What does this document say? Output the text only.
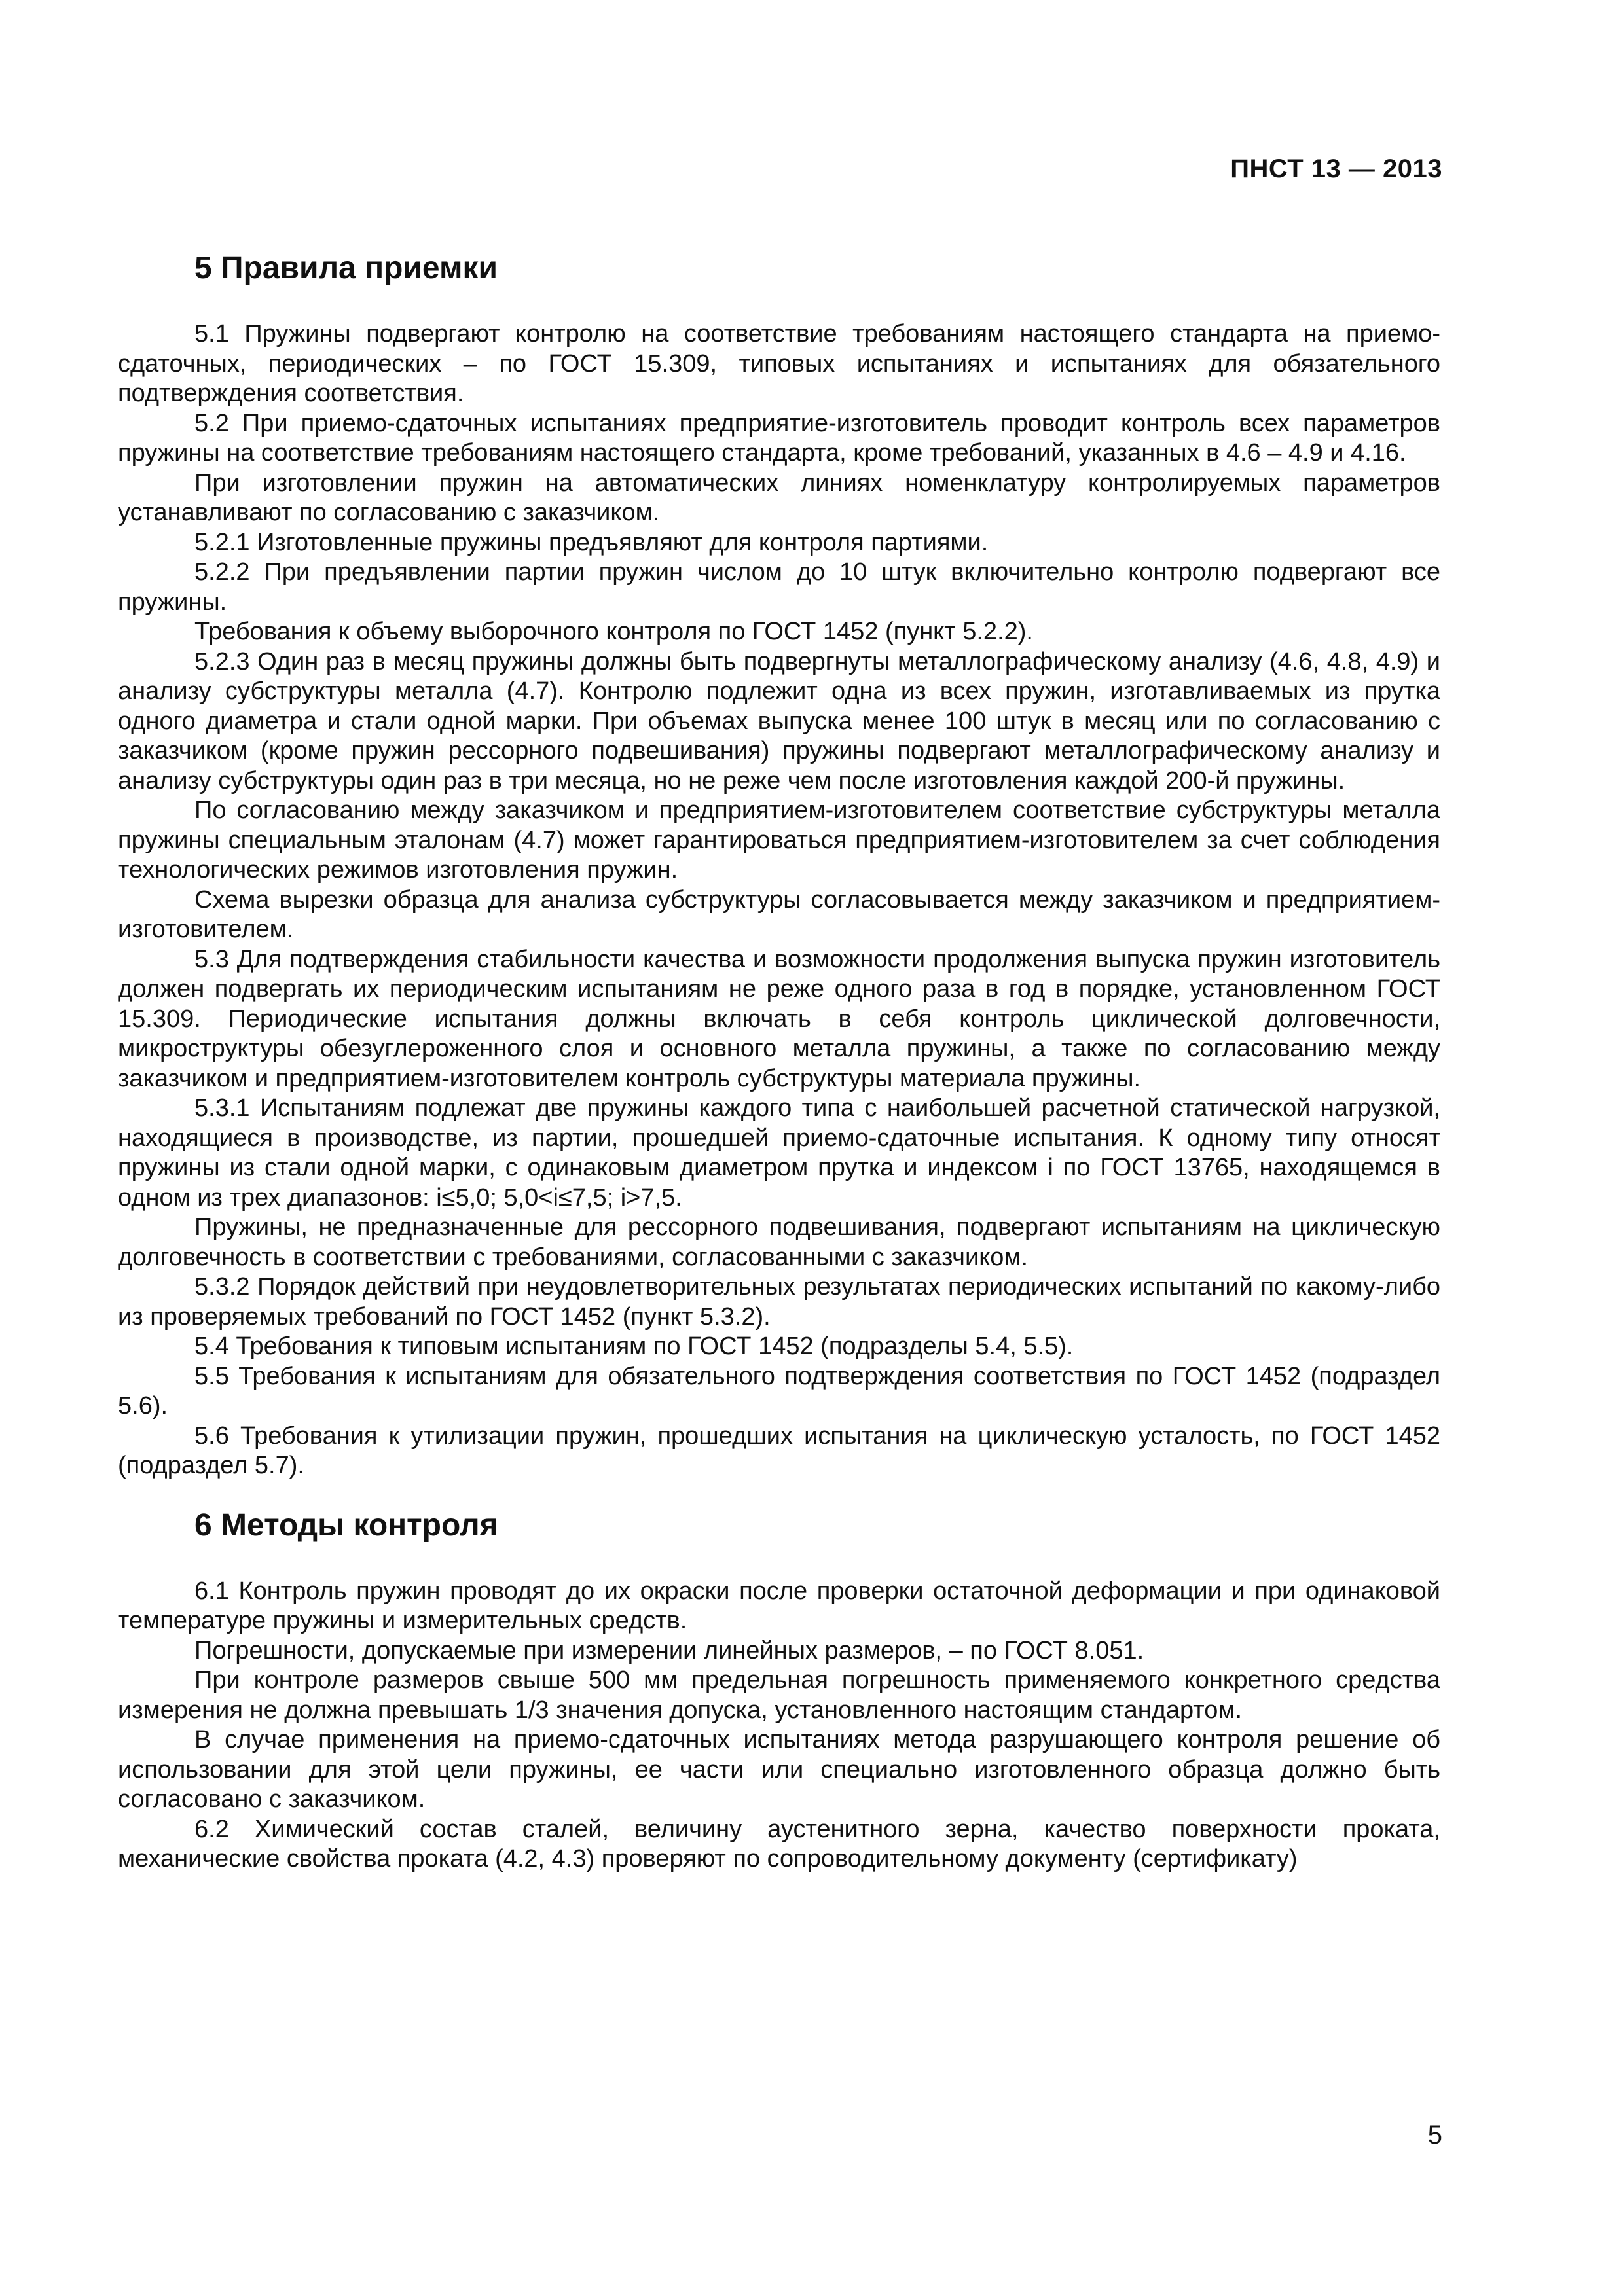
ПНСТ 13 — 2013
5 Правила приемки

5.1 Пружины подвергают контролю на соответствие требованиям настоящего стандарта на приемо-сдаточных, периодических – по ГОСТ 15.309, типовых испытаниях и испытаниях для обязательного подтверждения соответствия.

5.2 При приемо-сдаточных испытаниях предприятие-изготовитель проводит контроль всех параметров пружины на соответствие требованиям настоящего стандарта, кроме требований, указанных в 4.6 – 4.9 и 4.16.

При изготовлении пружин на автоматических линиях номенклатуру контролируемых параметров устанавливают по согласованию с заказчиком.

5.2.1 Изготовленные пружины предъявляют для контроля партиями.

5.2.2 При предъявлении партии пружин числом до 10 штук включительно контролю подвергают все пружины.

Требования к объему выборочного контроля по ГОСТ 1452 (пункт 5.2.2).

5.2.3 Один раз в месяц пружины должны быть подвергнуты металлографическому анализу (4.6, 4.8, 4.9) и анализу субструктуры металла (4.7). Контролю подлежит одна из всех пружин, изготавливаемых из прутка одного диаметра и стали одной марки. При объемах выпуска менее 100 штук в месяц или по согласованию с заказчиком (кроме пружин рессорного подвешивания) пружины подвергают металлографическому анализу и анализу субструктуры один раз в три месяца, но не реже чем после изготовления каждой 200-й пружины.

По согласованию между заказчиком и предприятием-изготовителем соответствие субструктуры металла пружины специальным эталонам (4.7) может гарантироваться предприятием-изготовителем за счет соблюдения технологических режимов изготовления пружин.

Схема вырезки образца для анализа субструктуры согласовывается между заказчиком и предприятием-изготовителем.

5.3 Для подтверждения стабильности качества и возможности продолжения выпуска пружин изготовитель должен подвергать их периодическим испытаниям не реже одного раза в год в порядке, установленном ГОСТ 15.309. Периодические испытания должны включать в себя контроль циклической долговечности, микроструктуры обезуглероженного слоя и основного металла пружины, а также по согласованию между заказчиком и предприятием-изготовителем контроль субструктуры материала пружины.

5.3.1 Испытаниям подлежат две пружины каждого типа с наибольшей расчетной статической нагрузкой, находящиеся в производстве, из партии, прошедшей приемо-сдаточные испытания. К одному типу относят пружины из стали одной марки, с одинаковым диаметром прутка и индексом i по ГОСТ 13765, находящемся в одном из трех диапазонов: i≤5,0; 5,0<i≤7,5; i>7,5.

Пружины, не предназначенные для рессорного подвешивания, подвергают испытаниям на циклическую долговечность в соответствии с требованиями, согласованными с заказчиком.

5.3.2 Порядок действий при неудовлетворительных результатах периодических испытаний по какому-либо из проверяемых требований по ГОСТ 1452 (пункт 5.3.2).

5.4 Требования к типовым испытаниям по ГОСТ 1452 (подразделы 5.4, 5.5).

5.5 Требования к испытаниям для обязательного подтверждения соответствия по ГОСТ 1452 (подраздел 5.6).

5.6 Требования к утилизации пружин, прошедших испытания на циклическую усталость, по ГОСТ 1452 (подраздел 5.7).

6 Методы контроля

6.1 Контроль пружин проводят до их окраски после проверки остаточной деформации и при одинаковой температуре пружины и измерительных средств.

Погрешности, допускаемые при измерении линейных размеров, – по ГОСТ 8.051.

При контроле размеров свыше 500 мм предельная погрешность применяемого конкретного средства измерения не должна превышать 1/3 значения допуска, установленного настоящим стандартом.

В случае применения на приемо-сдаточных испытаниях метода разрушающего контроля решение об использовании для этой цели пружины, ее части или специально изготовленного образца должно быть согласовано с заказчиком.

6.2 Химический состав сталей, величину аустенитного зерна, качество поверхности проката, механические свойства проката (4.2, 4.3) проверяют по сопроводительному документу (сертификату)

5
